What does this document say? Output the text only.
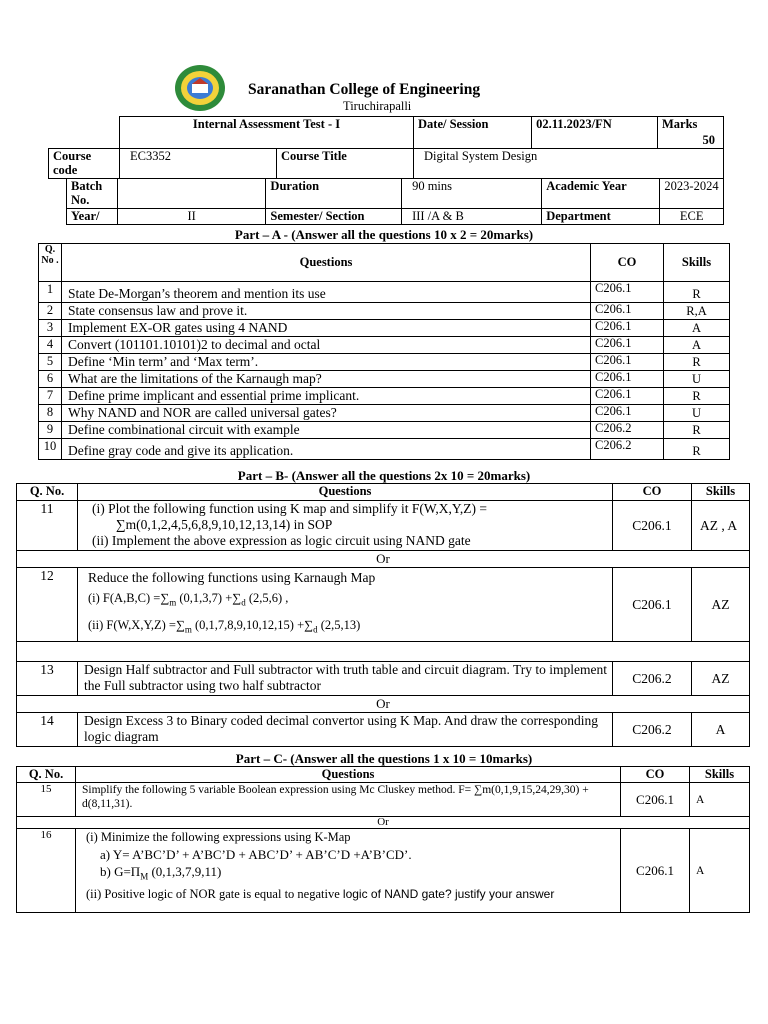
Saranathan College of Engineering
Tiruchirapalli
	Internal Assessment Test - I		Date/ Session	02.11.2023/FN	Marks
50

Course code	EC3352	Course Title	Digital System Design		
Batch No.		Duration	90 mins	Academic Year	2023-2024
Year/	II	Semester/ Section	III /A & B	Department	ECE
Part – A - (Answer all the questions 10 x 2 = 20marks)
Q. No .	Questions	CO	Skills
1	State De-Morgan’s theorem and mention its use	C206.1	R
2	State consensus law and prove it.	C206.1	R,A
3	Implement EX-OR gates using 4 NAND	C206.1	A
4	Convert (101101.10101)2 to decimal and octal	C206.1	A
5	Define ‘Min term’ and ‘Max term’.	C206.1	R
6	What are the limitations of the Karnaugh map?	C206.1	U
7	Define prime implicant and essential prime implicant.	C206.1	R
8	Why NAND and NOR are called universal gates?	C206.1	U
9	Define combinational circuit with example	C206.2	R
10	Define gray code and give its application.	C206.2	R
Part – B- (Answer all the questions 2x 10 = 20marks)
Q. No.	Questions	CO	Skills
11	(i) Plot the following function using K map and simplify it F(W,X,Y,Z) =
∑m(0,1,2,4,5,6,8,9,10,12,13,14) in SOP
(ii) Implement the above expression as logic circuit using NAND gate	C206.1	AZ , A
Or			
12	Reduce the following functions using Karnaugh Map
(i) $F(A,B,C) =\sum_m$ $(0,1,3,7) +\sum_d$ (2,5,6) ,
(ii) $F(W,X,Y,Z) =\sum_m$ $(0,1,7,8,9,10,12,15) +\sum_d$ (2,5,13)	C206.1	AZ

13	Design Half subtractor and Full subtractor with truth table and circuit diagram. Try to implement the Full subtractor using two half subtractor	C206.2	AZ
Or			
14	Design Excess 3 to Binary coded decimal convertor using K Map. And draw the corresponding logic diagram	C206.2	A
Part – C- (Answer all the questions 1 x 10 = 10marks)
Q. No.	Questions	CO	Skills
15	Simplify the following 5 variable Boolean expression using Mc Cluskey method. F= ∑m(0,1,9,15,24,29,30) + d(8,11,31).	C206.1	A
Or			
16	(i) Minimize the following expressions using K-Map
a) Y= A’BC’D’ + A’BC’D + ABC’D’ + AB’C’D +A’B’CD’.
b) $G=\Pi_M$ (0,1,3,7,9,11)
(ii) Positive logic of NOR gate is equal to negative logic of NAND gate? justify your answer	C206.1	A
